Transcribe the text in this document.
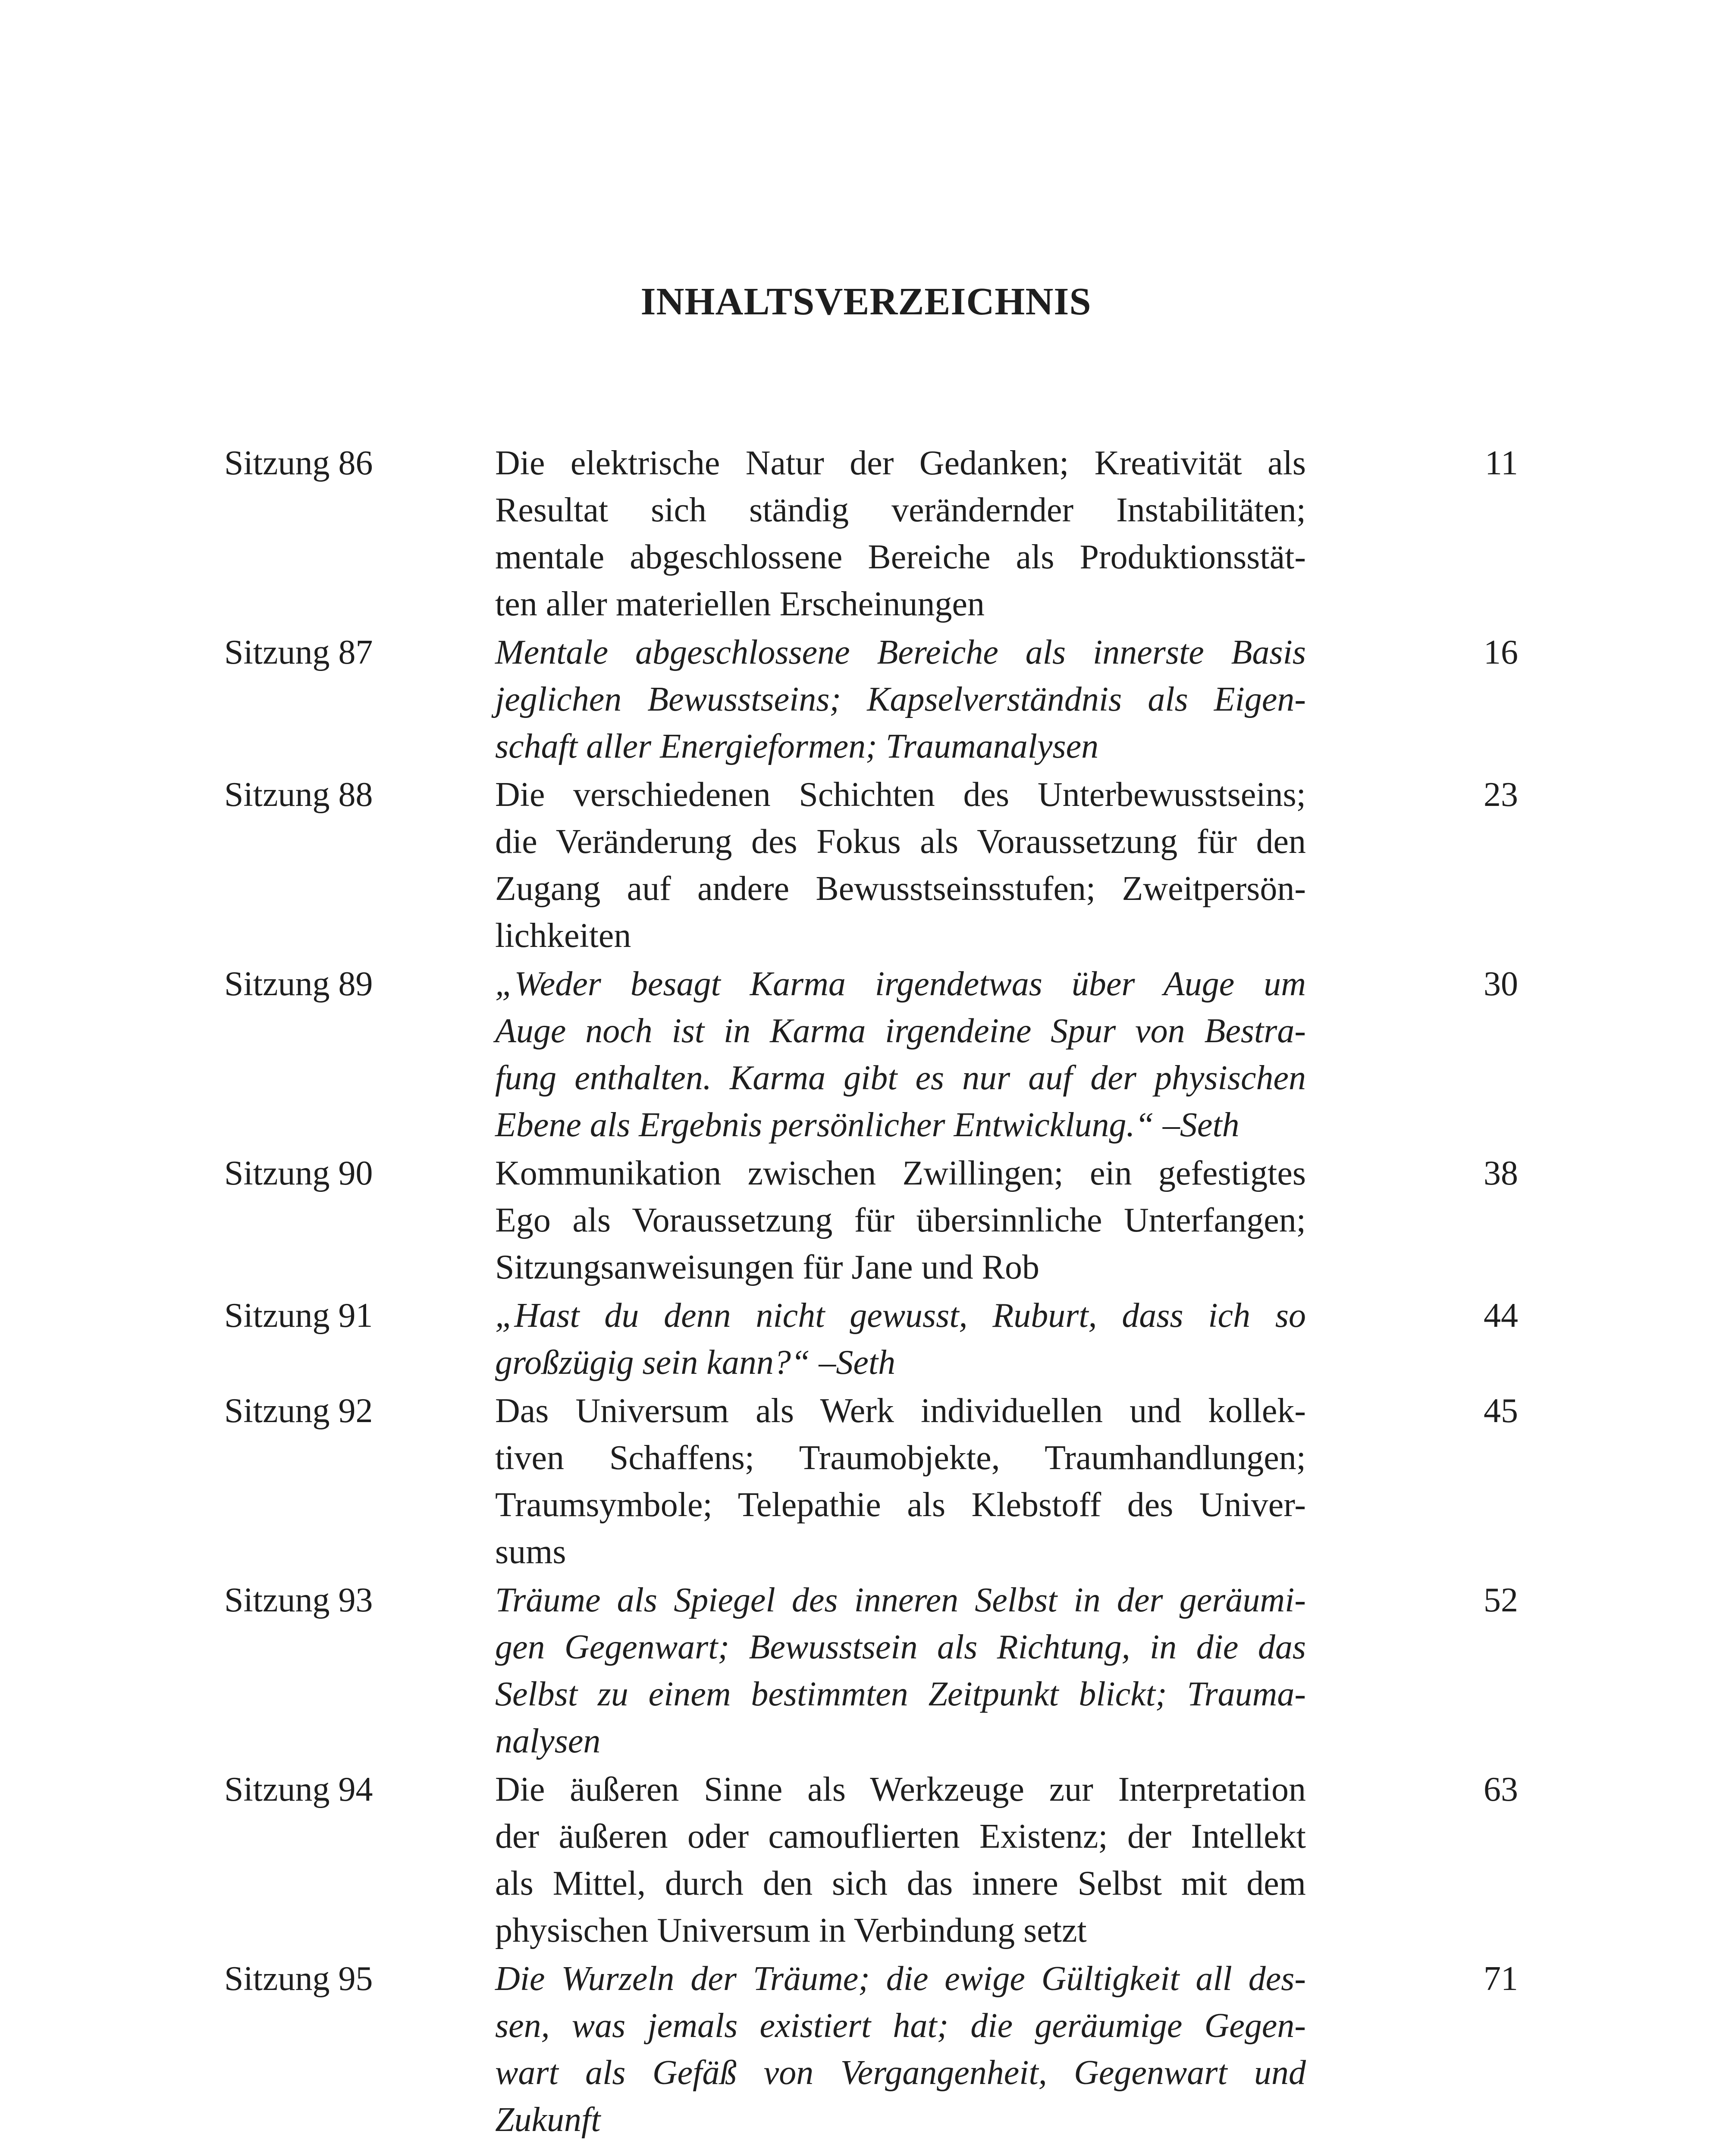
INHALTSVERZEICHNIS
Sitzung 86	Die elektrische Natur der Gedanken; Kreativität als
Resultat sich ständig verändernder Instabilitäten;
mentale abgeschlossene Bereiche als Produktionsstät-
ten aller materiellen Erscheinungen
11
Sitzung 87	Mentale abgeschlossene Bereiche als innerste Basis
jeglichen Bewusstseins; Kapselverständnis als Eigen-
schaft aller Energieformen; Traumanalysen
16
Sitzung 88	Die verschiedenen Schichten des Unterbewusstseins;
die Veränderung des Fokus als Voraussetzung für den
Zugang auf andere Bewusstseinsstufen; Zweitpersön-
lichkeiten
23
Sitzung 89	„Weder besagt Karma irgendetwas über Auge um
Auge noch ist in Karma irgendeine Spur von Bestra-
fung enthalten. Karma gibt es nur auf der physischen
Ebene als Ergebnis persönlicher Entwicklung.“ –Seth
30
Sitzung 90	Kommunikation zwischen Zwillingen; ein gefestigtes
Ego als Voraussetzung für übersinnliche Unterfangen;
Sitzungsanweisungen für Jane und Rob
38
Sitzung 91	„Hast du denn nicht gewusst, Ruburt, dass ich so
großzügig sein kann?“ –Seth
44
Sitzung 92	Das Universum als Werk individuellen und kollek-
tiven Schaffens; Traumobjekte, Traumhandlungen;
Traumsymbole; Telepathie als Klebstoff des Univer-
sums
45
Sitzung 93	Träume als Spiegel des inneren Selbst in der geräumi-
gen Gegenwart; Bewusstsein als Richtung, in die das
Selbst zu einem bestimmten Zeitpunkt blickt; Trauma-
nalysen
52
Sitzung 94	Die äußeren Sinne als Werkzeuge zur Interpretation
der äußeren oder camouflierten Existenz; der Intellekt
als Mittel, durch den sich das innere Selbst mit dem
physischen Universum in Verbindung setzt
63
Sitzung 95	Die Wurzeln der Träume; die ewige Gültigkeit all des-
sen, was jemals existiert hat; die geräumige Gegen-
wart als Gefäß von Vergangenheit, Gegenwart und
Zukunft
71
